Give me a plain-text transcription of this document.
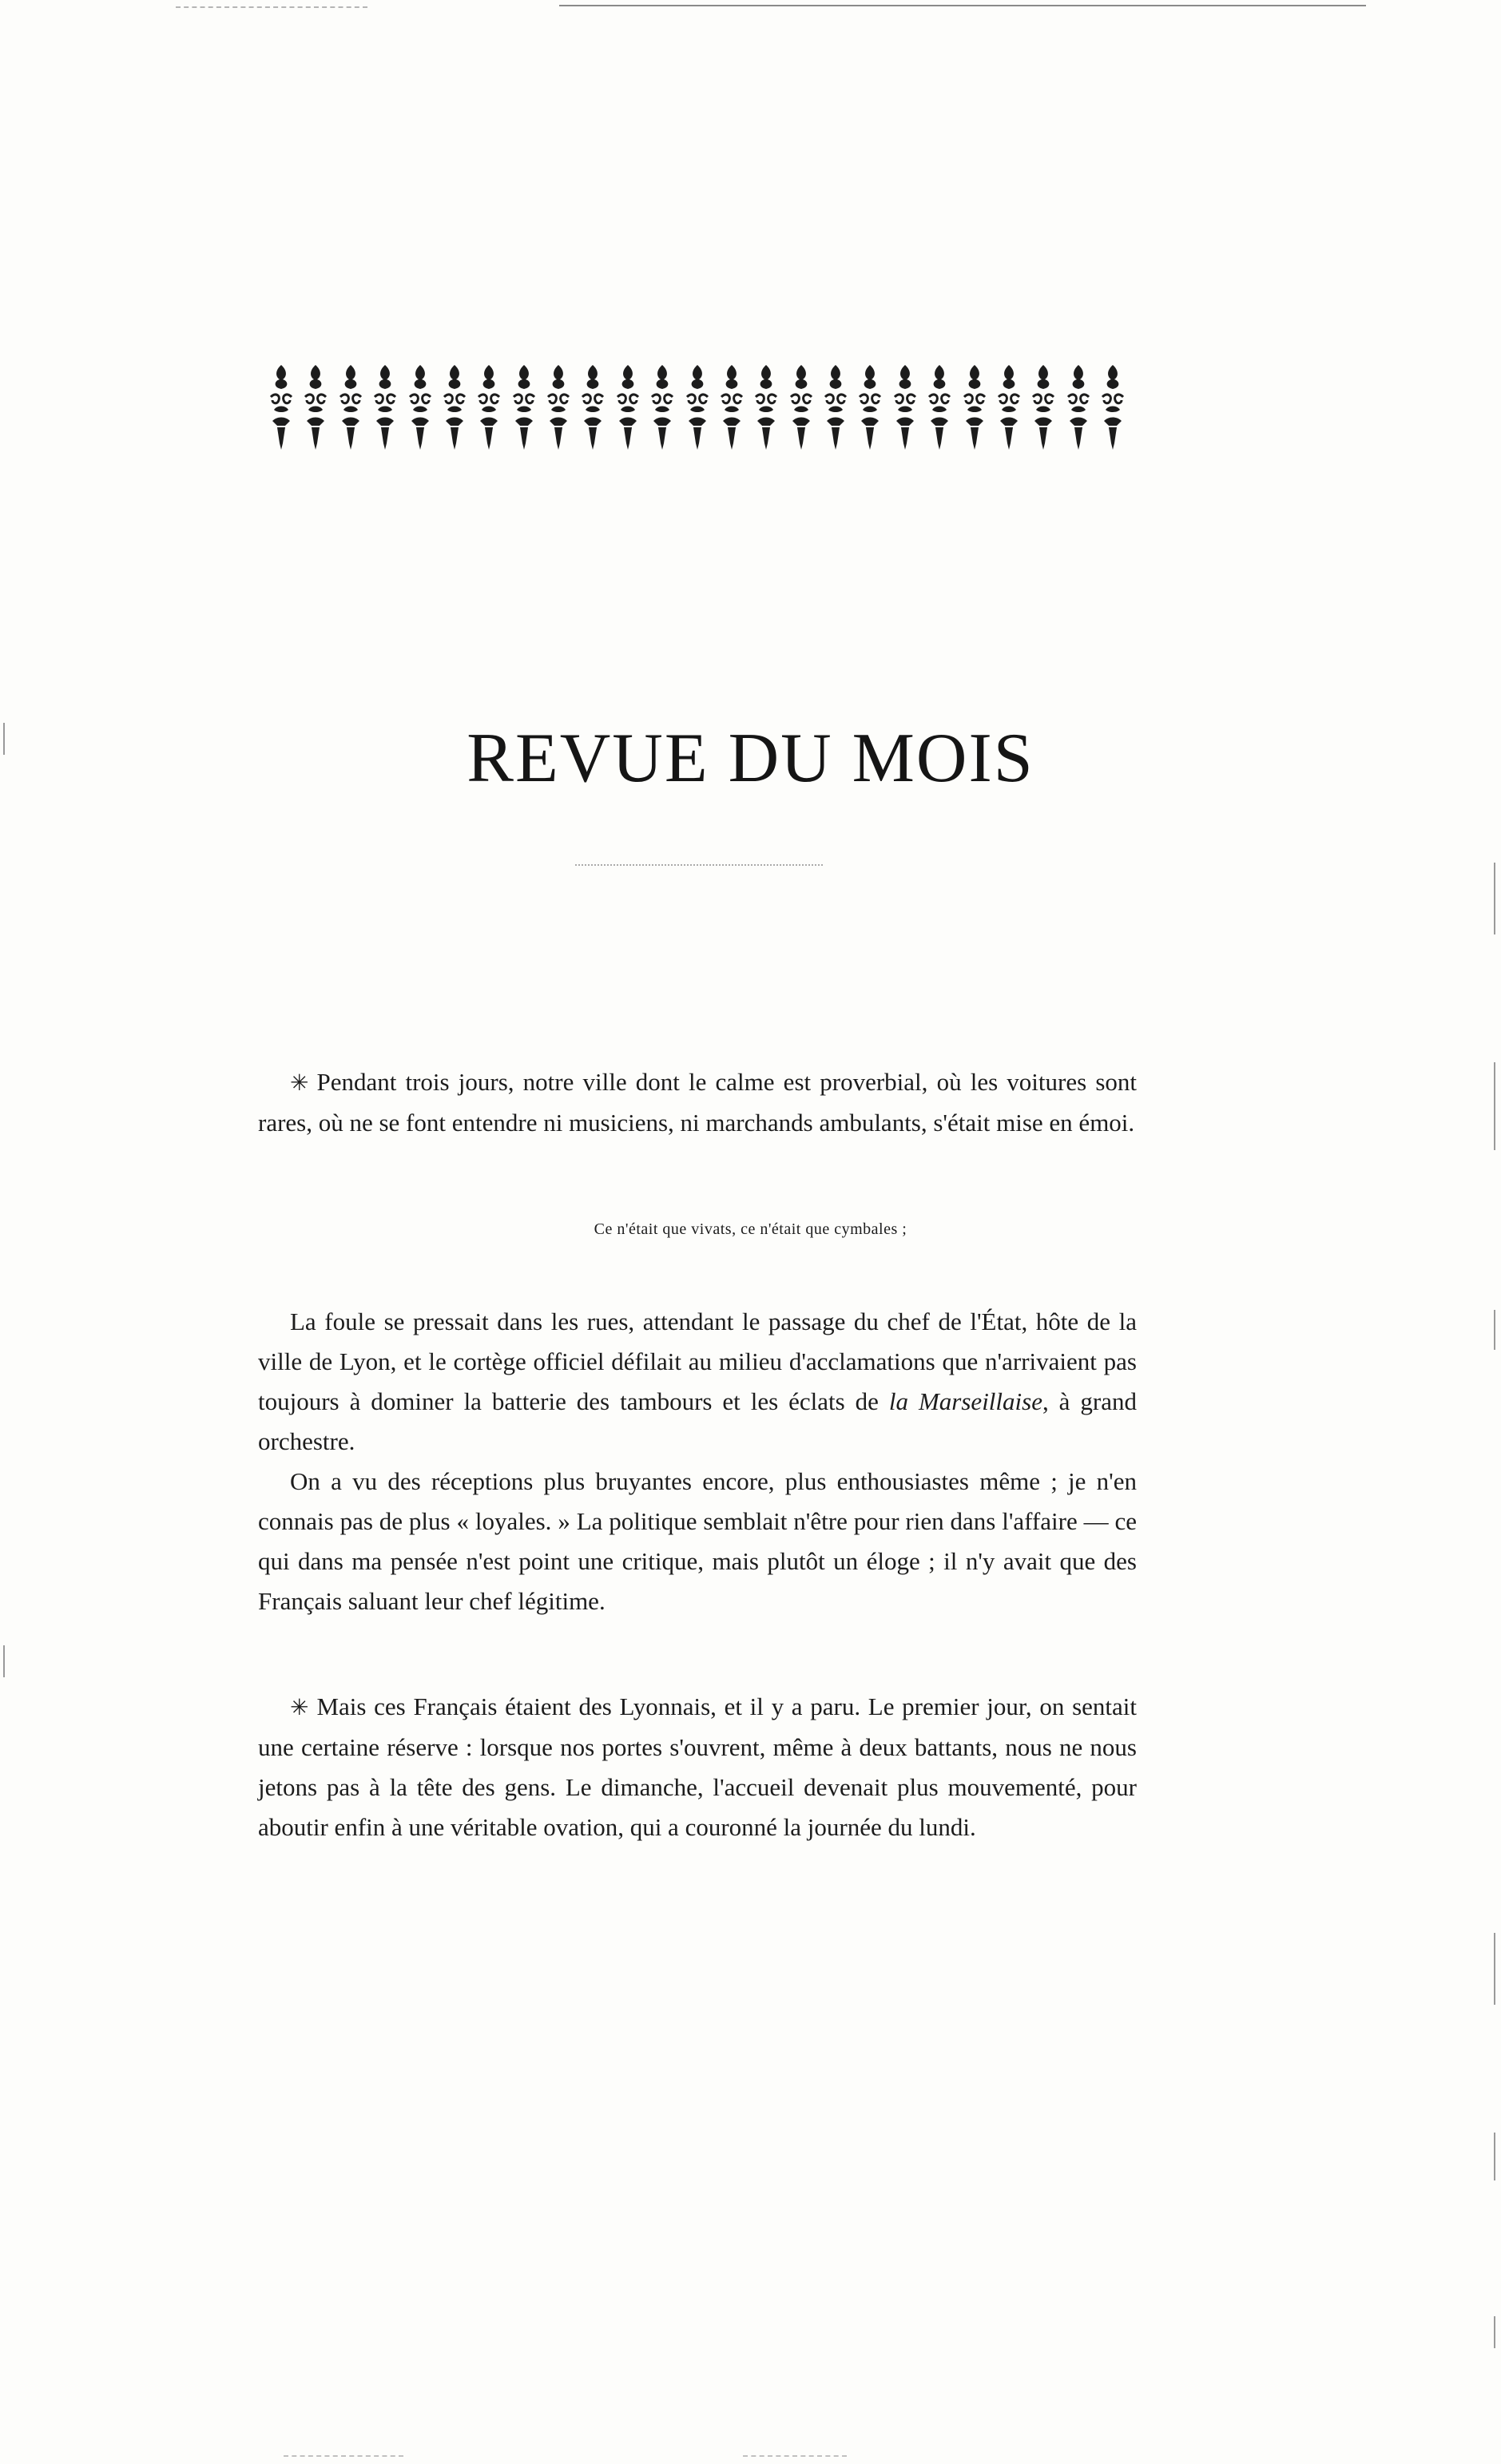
REVUE DU MOIS

✳ Pendant trois jours, notre ville dont le calme est proverbial, où les voitures sont rares, où ne se font entendre ni musiciens, ni marchands ambulants, s'était mise en émoi.

Ce n'était que vivats, ce n'était que cymbales ;

La foule se pressait dans les rues, attendant le passage du chef de l'État, hôte de la ville de Lyon, et le cortège officiel défilait au milieu d'acclamations que n'arrivaient pas toujours à dominer la batterie des tambours et les éclats de la Marseillaise, à grand orchestre.

On a vu des réceptions plus bruyantes encore, plus enthousiastes même ; je n'en connais pas de plus « loyales. » La politique semblait n'être pour rien dans l'affaire — ce qui dans ma pensée n'est point une critique, mais plutôt un éloge ; il n'y avait que des Français saluant leur chef légitime.

✳ Mais ces Français étaient des Lyonnais, et il y a paru. Le premier jour, on sentait une certaine réserve : lorsque nos portes s'ouvrent, même à deux battants, nous ne nous jetons pas à la tête des gens. Le dimanche, l'accueil devenait plus mouvementé, pour aboutir enfin à une véritable ovation, qui a couronné la journée du lundi.
